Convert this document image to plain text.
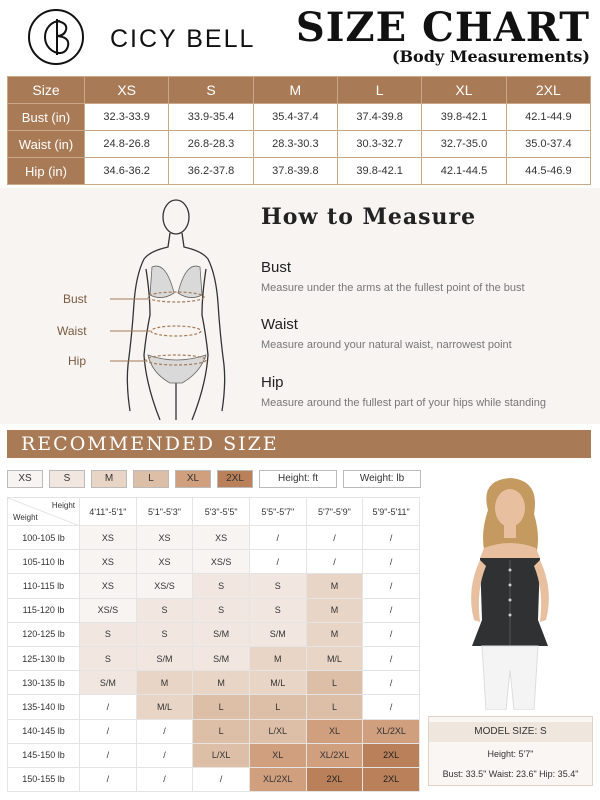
CICY BELL SIZE CHART
(Body Measurements)
Size	XS	S	M	L	XL	2XL
Bust (in)	32.3-33.9	33.9-35.4	35.4-37.4	37.4-39.8	39.8-42.1	42.1-44.9
Waist (in)	24.8-26.8	26.8-28.3	28.3-30.3	30.3-32.7	32.7-35.0	35.0-37.4
Hip (in)	34.6-36.2	36.2-37.8	37.8-39.8	39.8-42.1	42.1-44.5	44.5-46.9
Bust
Waist
Hip
How to Measure
Bust
Measure under the arms at the fullest point of the bust
Waist
Measure around your natural waist, narrowest point
Hip
Measure around the fullest part of your hips while standing
RECOMMENDED SIZE
XS	S	M	L	XL	2XL	Height: ft	Weight: lb
Height
Weight	4'11"-5'1"	5'1"-5'3"	5'3"-5'5"	5'5"-5'7"	5'7"-5'9"	5'9"-5'11"
100-105 lb	XS	XS	XS	/	/	/
105-110 lb	XS	XS	XS/S	/	/	/
110-115 lb	XS	XS/S	S	S	M	/
115-120 lb	XS/S	S	S	S	M	/
120-125 lb	S	S	S/M	S/M	M	/
125-130 lb	S	S/M	S/M	M	M/L	/
130-135 lb	S/M	M	M	M/L	L	/
135-140 lb	/	M/L	L	L	L	/
140-145 lb	/	/	L	L/XL	XL	XL/2XL
145-150 lb	/	/	L/XL	XL	XL/2XL	2XL
150-155 lb	/	/	/	XL/2XL	2XL	2XL
MODEL SIZE: S
Height: 5'7"
Bust: 33.5" Waist: 23.6" Hip: 35.4"
